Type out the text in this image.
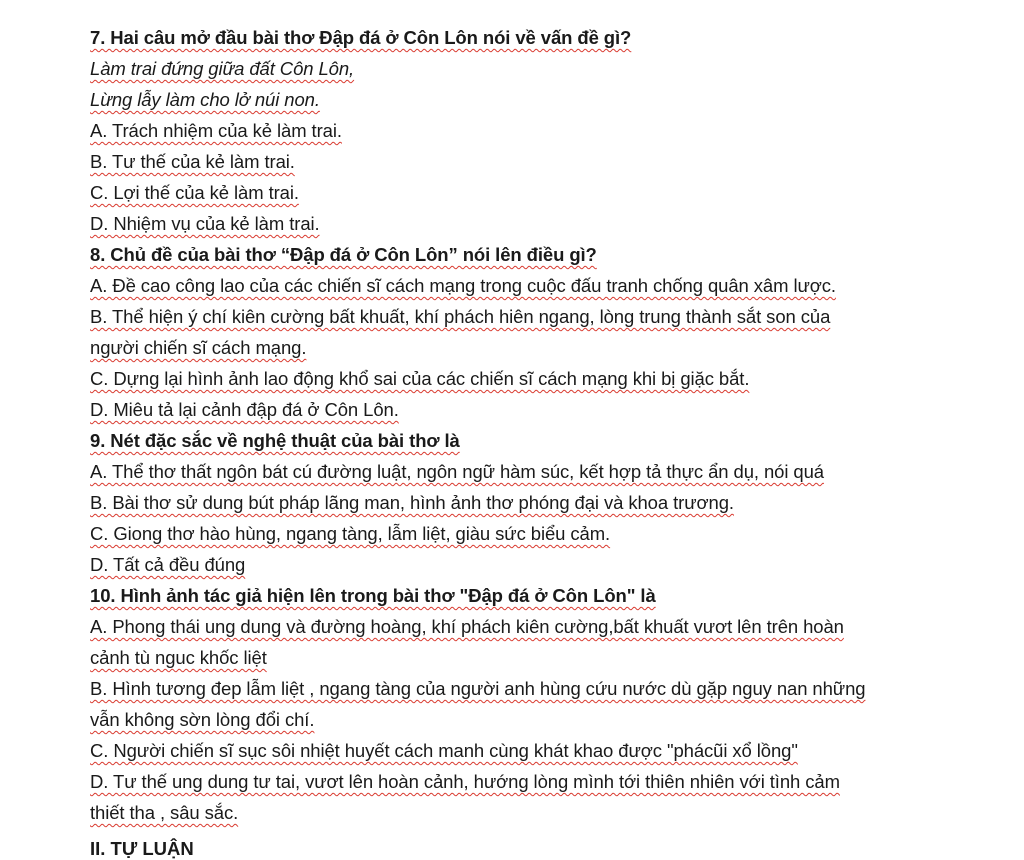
7. Hai câu mở đầu bài thơ Đập đá ở Côn Lôn nói về vấn đề gì?
Làm trai đứng giữa đất Côn Lôn,
Lừng lẫy làm cho lở núi non.
A. Trách nhiệm của kẻ làm trai.
B. Tư thế của kẻ làm trai.
C. Lợi thế của kẻ làm trai.
D. Nhiệm vụ của kẻ làm trai.
8. Chủ đề của bài thơ “Đập đá ở Côn Lôn” nói lên điều gì?
A. Đề cao công lao của các chiến sĩ cách mạng trong cuộc đấu tranh chống quân xâm lược.
B. Thể hiện ý chí kiên cường bất khuất, khí phách hiên ngang, lòng trung thành sắt son của
người chiến sĩ cách mạng.
C. Dựng lại hình ảnh lao động khổ sai của các chiến sĩ cách mạng khi bị giặc bắt.
D. Miêu tả lại cảnh đập đá ở Côn Lôn.
9. Nét đặc sắc về nghệ thuật của bài thơ là
A. Thể thơ thất ngôn bát cú đường luật, ngôn ngữ hàm súc, kết hợp tả thực ẩn dụ, nói quá
B. Bài thơ sử dung bút pháp lãng man, hình ảnh thơ phóng đại và khoa trương.
C. Giong thơ hào hùng, ngang tàng, lẫm liệt, giàu sức biểu cảm.
D. Tất cả đều đúng
10. Hình ảnh tác giả hiện lên trong bài thơ "Đập đá ở Côn Lôn" là
A. Phong thái ung dung và đường hoàng, khí phách kiên cường,bất khuất vươt lên trên hoàn
cảnh tù nguc khốc liệt
B. Hình tương đep lẫm liệt , ngang tàng của người anh hùng cứu nước dù gặp nguy nan những
vẫn không sờn lòng đổi chí.
C. Người chiến sĩ sục sôi nhiệt huyết cách manh cùng khát khao được "phácũi xổ lồng"
D. Tư thế ung dung tư tai, vươt lên hoàn cảnh, hướng lòng mình tới thiên nhiên với tình cảm
thiết tha , sâu sắc.
II. TỰ LUẬN
